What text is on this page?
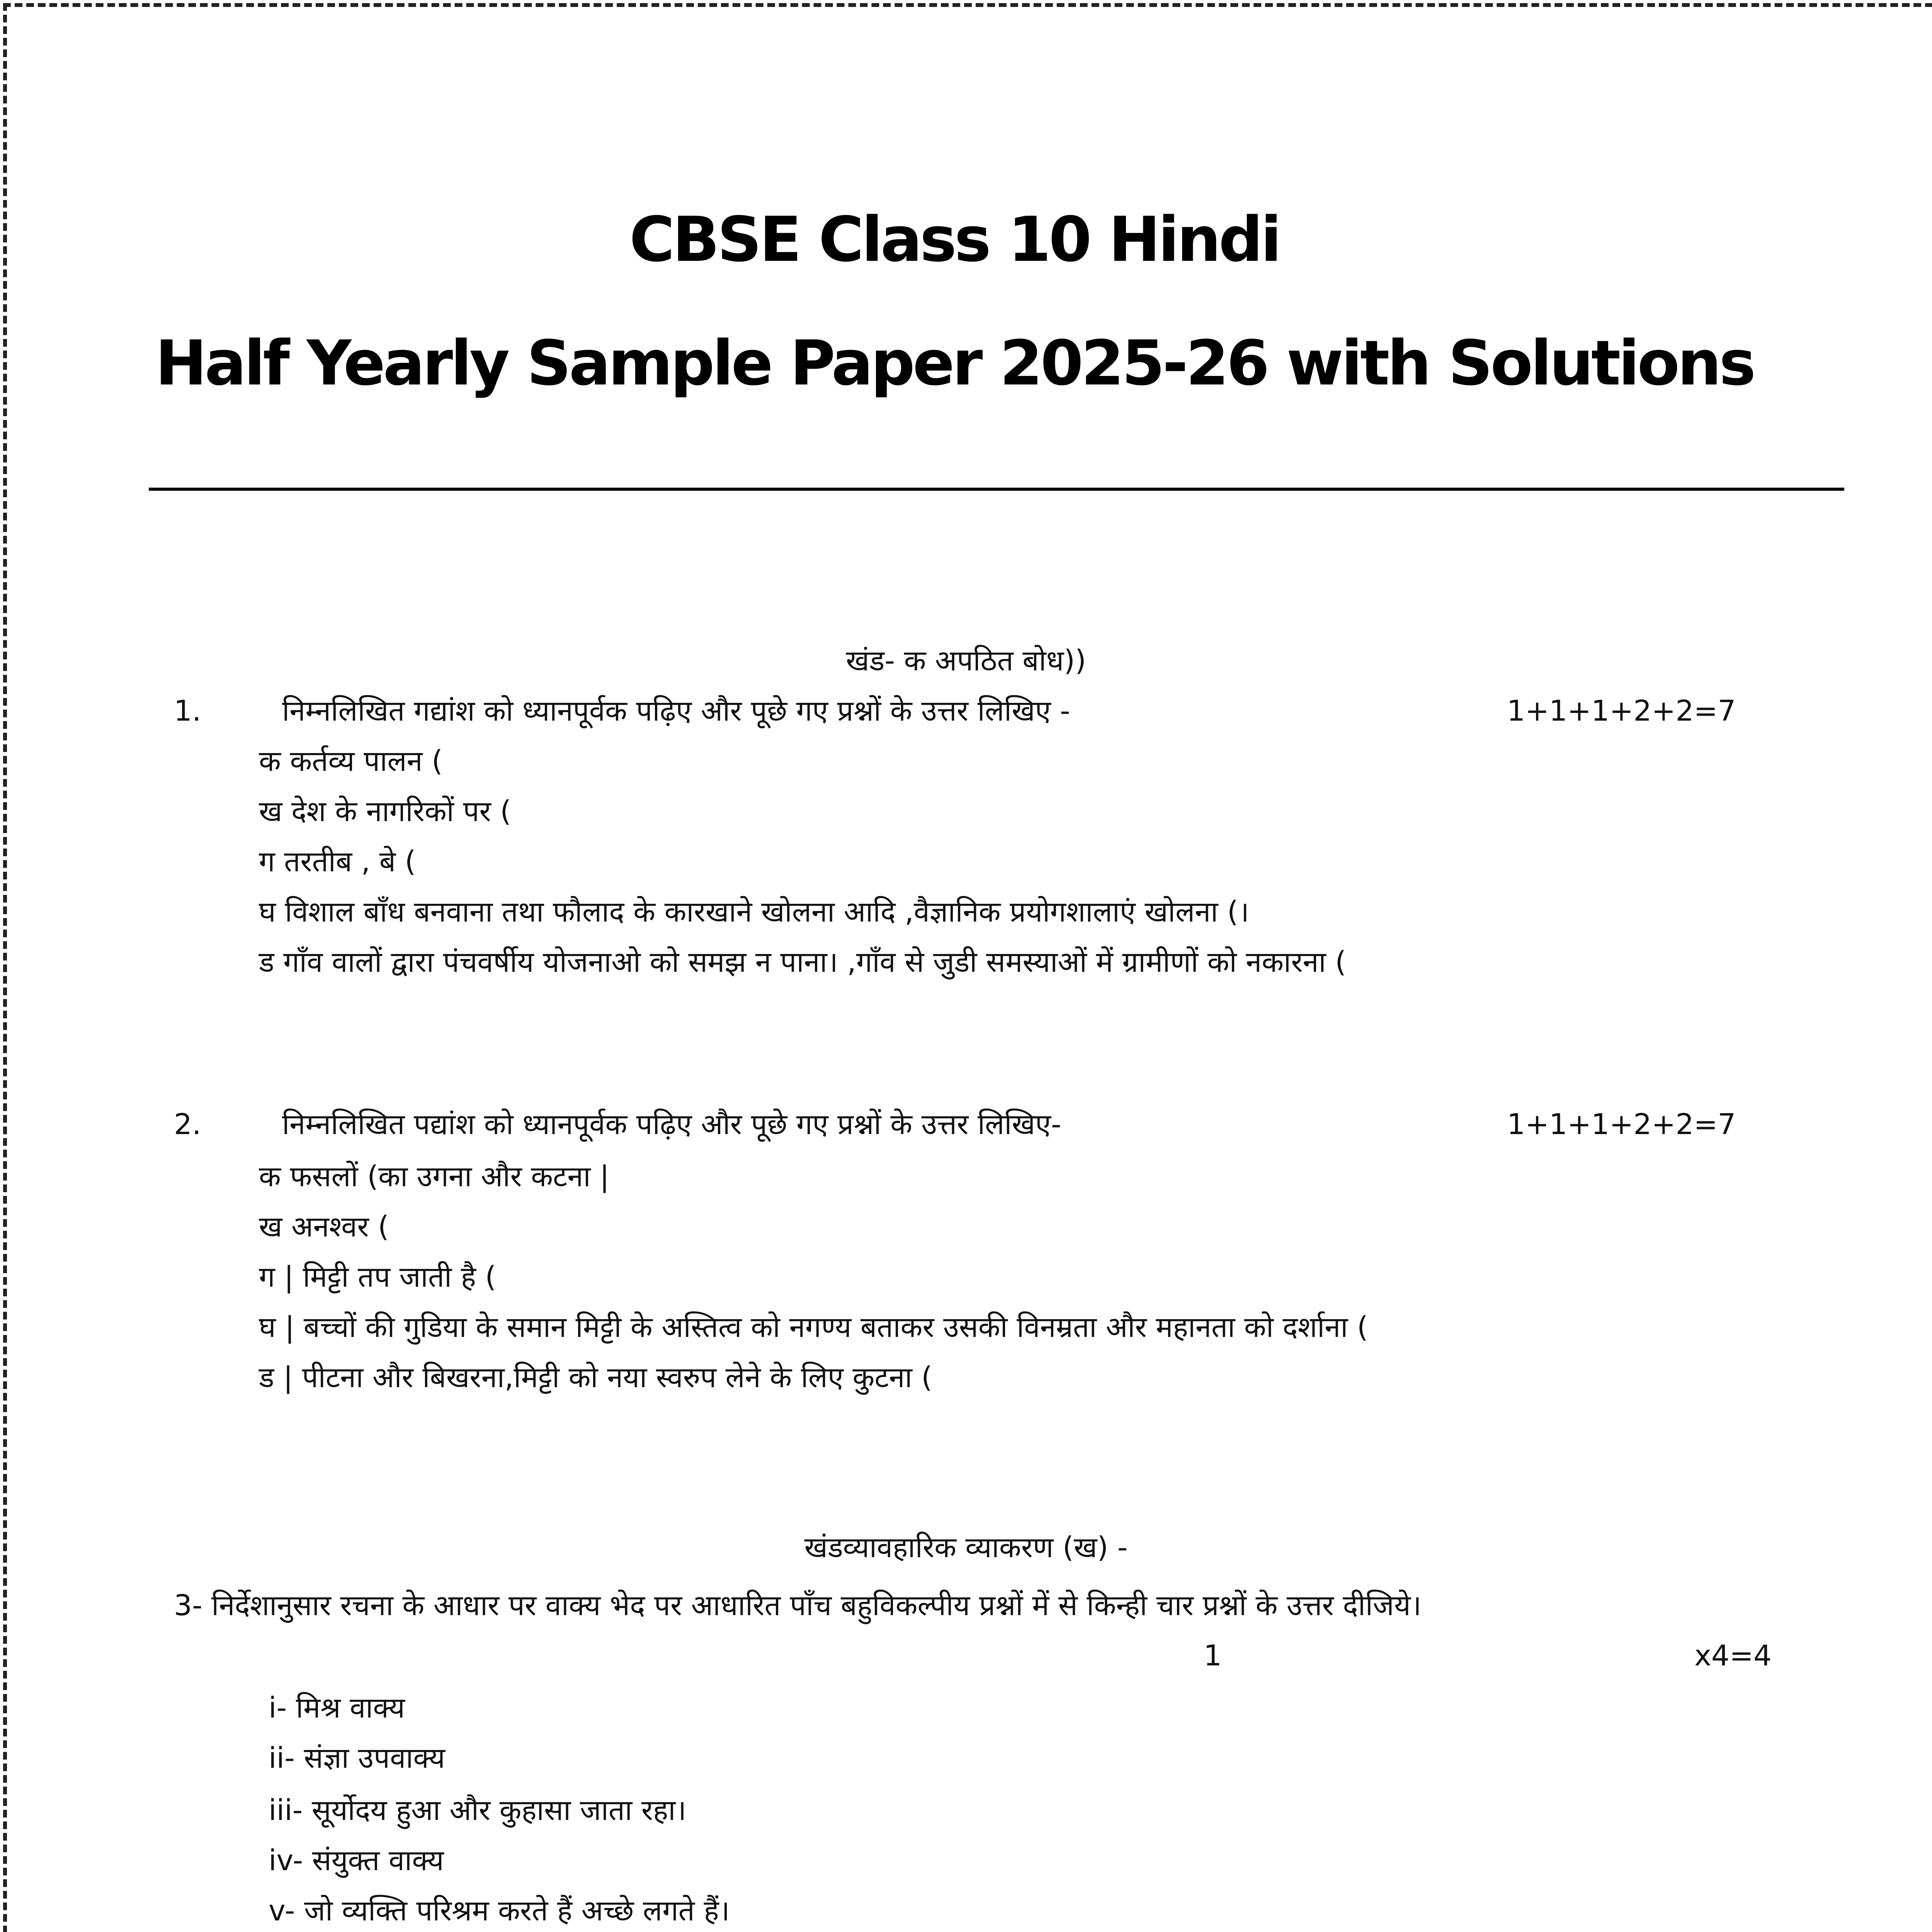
CBSE Class 10 Hindi
Half Yearly Sample Paper 2025-26 with Solutions
खंड- क अपठित बोध))
1.	निम्नलिखित गद्यांश को ध्यानपूर्वक पढ़िए और पूछे गए प्रश्नों के उत्तर लिखिए -	1+1+1+2+2=7
क कर्तव्य पालन (
ख देश के नागरिकों पर (
ग तरतीब , बे (
घ विशाल बाँध बनवाना तथा फौलाद के कारखाने खोलना आदि ,वैज्ञानिक प्रयोगशालाएं खोलना (।
ड गाँव वालों द्वारा पंचवर्षीय योजनाओ को समझ न पाना। ,गाँव से जुडी समस्याओं में ग्रामीणों को नकारना (
2.	निम्नलिखित पद्यांश को ध्यानपूर्वक पढ़िए और पूछे गए प्रश्नों के उत्तर लिखिए-	1+1+1+2+2=7
क फसलों (का उगना और कटना |
ख अनश्वर (
ग | मिट्टी तप जाती है (
घ | बच्चों की गुडिया के समान मिट्टी के अस्तित्व को नगण्य बताकर उसकी विनम्रता और महानता को दर्शाना (
ड | पीटना और बिखरना,मिट्टी को नया स्वरुप लेने के लिए कुटना (
खंडव्यावहारिक व्याकरण (ख) -
3- निर्देशानुसार रचना के आधार पर वाक्य भेद पर आधारित पाँच बहुविकल्पीय प्रश्नों में से किन्ही चार प्रश्नों के उत्तर दीजिये।
1	x4=4
i- मिश्र वाक्य
ii- संज्ञा उपवाक्य
iii- सूर्योदय हुआ और कुहासा जाता रहा।
iv- संयुक्त वाक्य
v- जो व्यक्ति परिश्रम करते हैं अच्छे लगते हैं।
